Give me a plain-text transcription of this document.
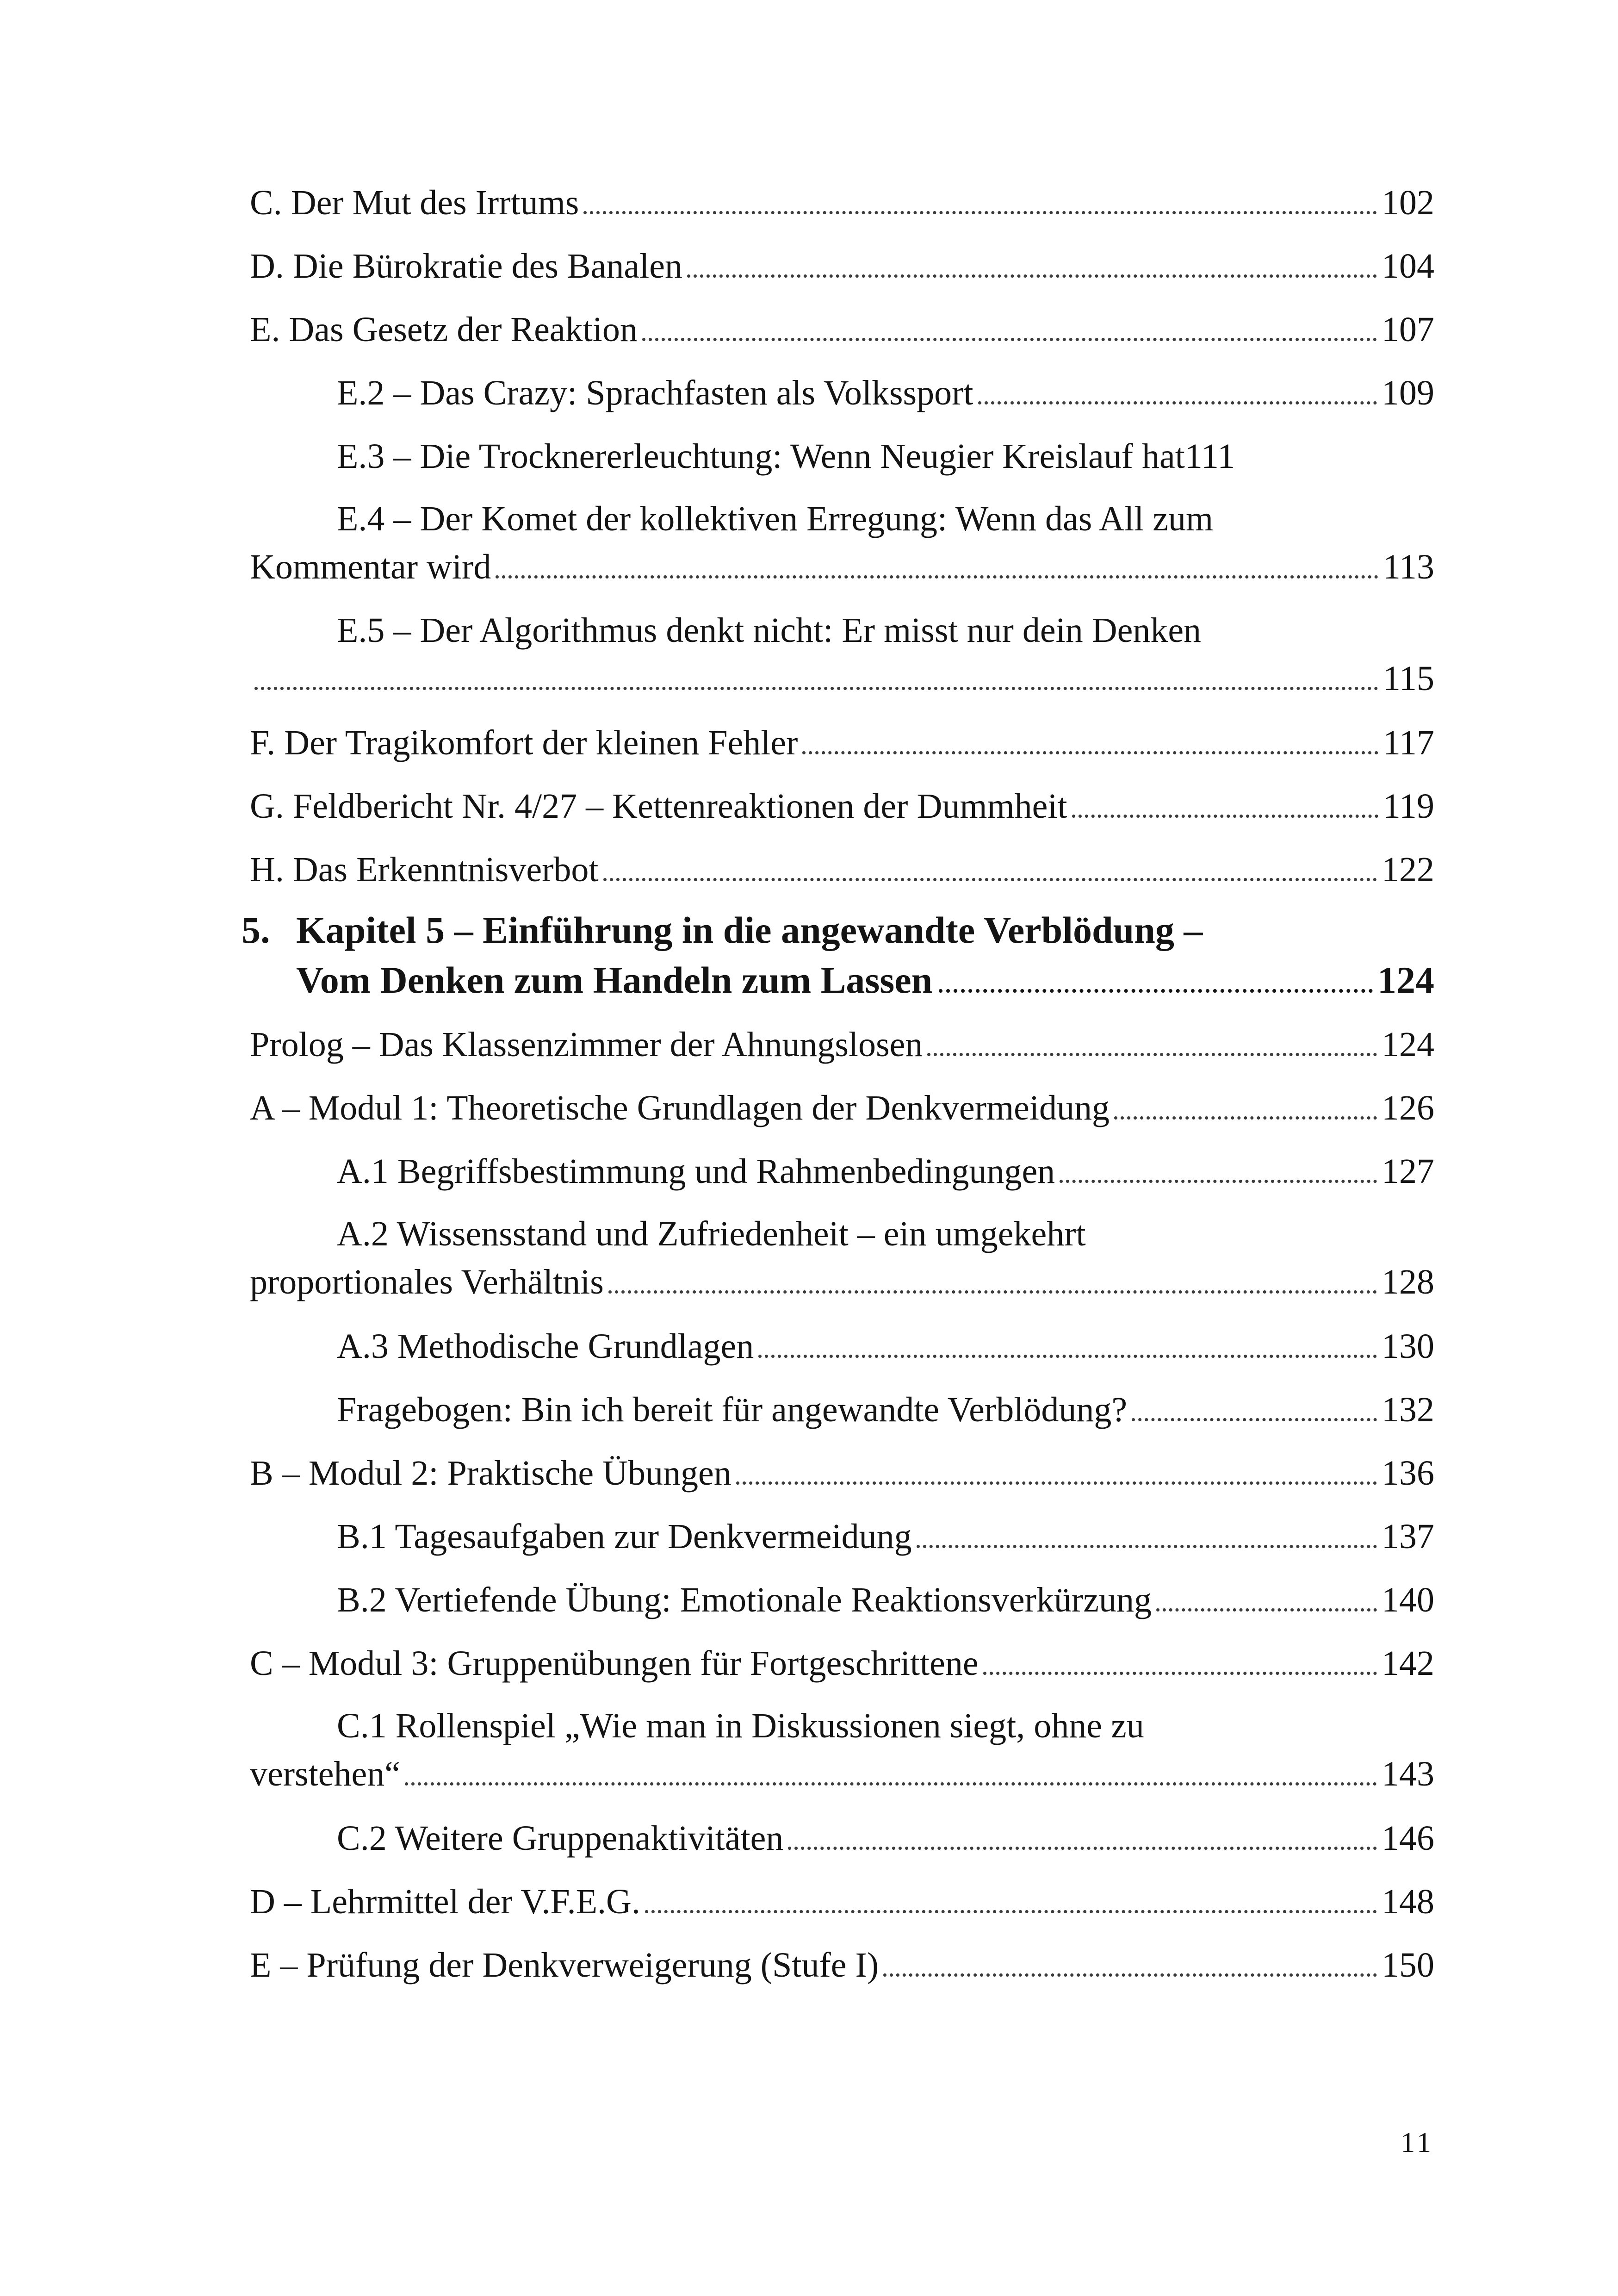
C. Der Mut des Irrtums	102
D. Die Bürokratie des Banalen	104
E. Das Gesetz der Reaktion	107
E.2 – Das Crazy: Sprachfasten als Volkssport	109
E.3 – Die Trocknererleuchtung: Wenn Neugier Kreislauf hat 111
E.4 – Der Komet der kollektiven Erregung: Wenn das All zum
Kommentar wird	113
E.5 – Der Algorithmus denkt nicht: Er misst nur dein Denken
115
F. Der Tragikomfort der kleinen Fehler	117
G. Feldbericht Nr. 4/27 – Kettenreaktionen der Dummheit	119
H. Das Erkenntnisverbot	122
5. Kapitel 5 – Einführung in die angewandte Verblödung –
Vom Denken zum Handeln zum Lassen	124
Prolog – Das Klassenzimmer der Ahnungslosen	124
A – Modul 1: Theoretische Grundlagen der Denkvermeidung	126
A.1 Begriffsbestimmung und Rahmenbedingungen	127
A.2 Wissensstand und Zufriedenheit – ein umgekehrt
proportionales Verhältnis	128
A.3 Methodische Grundlagen	130
Fragebogen: Bin ich bereit für angewandte Verblödung?	132
B – Modul 2: Praktische Übungen	136
B.1 Tagesaufgaben zur Denkvermeidung	137
B.2 Vertiefende Übung: Emotionale Reaktionsverkürzung	140
C – Modul 3: Gruppenübungen für Fortgeschrittene	142
C.1 Rollenspiel „Wie man in Diskussionen siegt, ohne zu
verstehen“	143
C.2 Weitere Gruppenaktivitäten	146
D – Lehrmittel der V.F.E.G.	148
E – Prüfung der Denkverweigerung (Stufe I)	150
11
